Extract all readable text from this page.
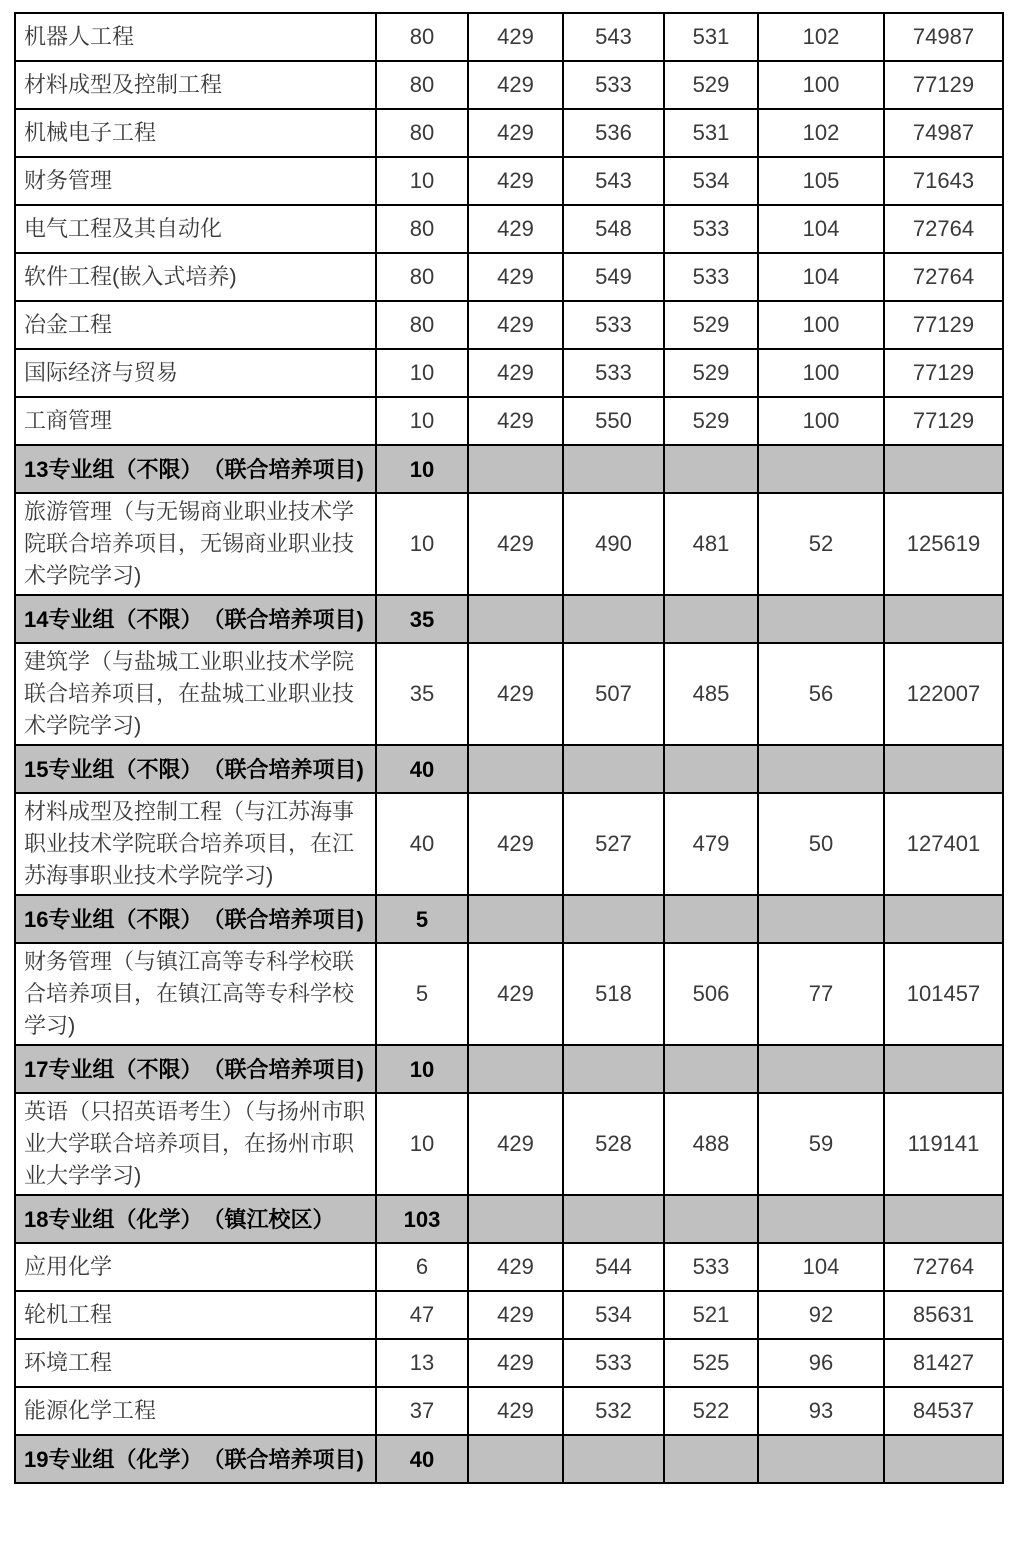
机器人工程	80	429	543	531	102	74987
材料成型及控制工程	80	429	533	529	100	77129
机械电子工程	80	429	536	531	102	74987
财务管理	10	429	543	534	105	71643
电气工程及其自动化	80	429	548	533	104	72764
软件工程(嵌入式培养)	80	429	549	533	104	72764
冶金工程	80	429	533	529	100	77129
国际经济与贸易	10	429	533	529	100	77129
工商管理	10	429	550	529	100	77129
13专业组（不限）　（联合培养项目)	10					
旅游管理（与无锡商业职业技术学院联合培养项目，无锡商业职业技术学院学习)	10	429	490	481	52	125619
14专业组（不限）　（联合培养项目)	35					
建筑学（与盐城工业职业技术学院联合培养项目，在盐城工业职业技术学院学习)	35	429	507	485	56	122007
15专业组（不限）　（联合培养项目)	40					
材料成型及控制工程（与江苏海事职业技术学院联合培养项目，在江苏海事职业技术学院学习)	40	429	527	479	50	127401
16专业组（不限）　（联合培养项目)	5					
财务管理（与镇江高等专科学校联合培养项目，在镇江高等专科学校学习)	5	429	518	506	77	101457
17专业组（不限）　（联合培养项目)	10					
英语（只招英语考生）（与扬州市职业大学联合培养项目，在扬州市职业大学学习)	10	429	528	488	59	119141
18专业组（化学）　（镇江校区）	103					
应用化学	6	429	544	533	104	72764
轮机工程	47	429	534	521	92	85631
环境工程	13	429	533	525	96	81427
能源化学工程	37	429	532	522	93	84537
19专业组（化学）　（联合培养项目)	40					
